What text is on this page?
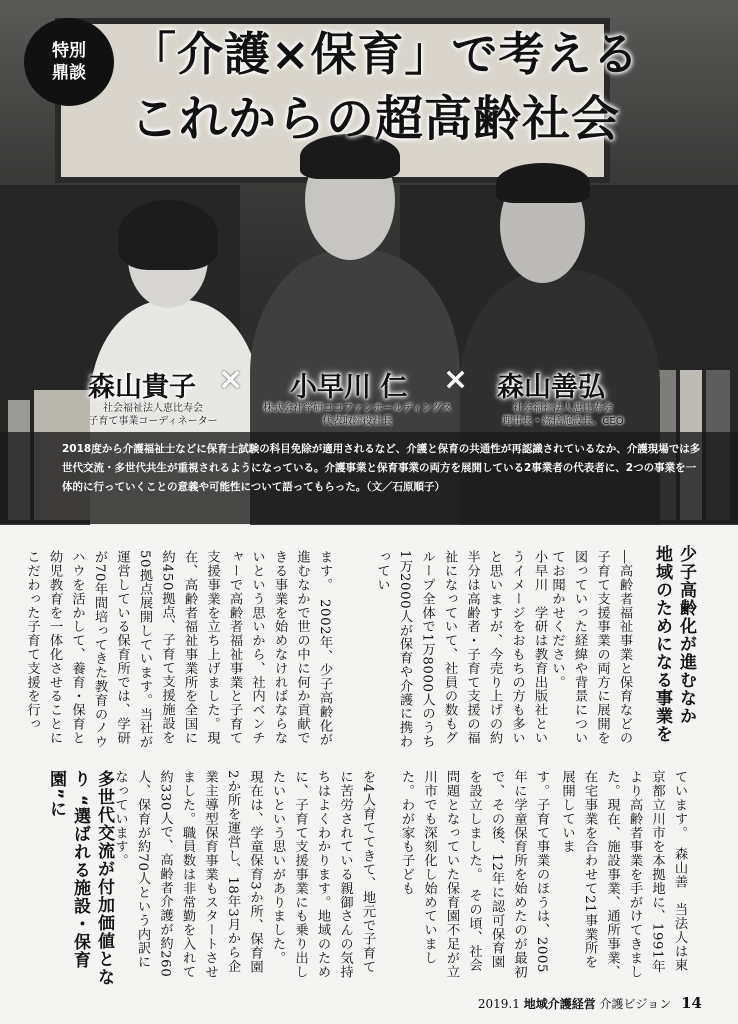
特別
鼎談 「介護×保育」で考える
これからの超高齢社会
森山貴子 × 小早川 仁 × 森山善弘
社会福祉法人恵比寿会
子育て事業コーディネーター
株式会社学研ココファンホールディングス
代表取締役社長
社会福祉法人恵比寿会
理事長・統括施設長、CEO

2018度から介護福祉士などに保育士試験の科目免除が適用されるなど、介護と保育の共通性が再認識されているなか、介護現場では多世代交流・多世代共生が重視されるようになっている。介護事業と保育事業の両方を展開している2事業者の代表者に、2つの事業を一体的に行っていくことの意義や可能性について語ってもらった。（文／石原順子）

少子高齢化が進むなか 地域のためになる事業を
多世代交流が付加価値となり “選ばれる施設・保育園”に

―高齢者福祉事業と保育などの子育て支援事業の両方に展開を図っていった経緯や背景についてお聞かせください。

小早川　学研は教育出版社というイメージをおもちの方も多いと思いますが、今売り上げの約半分は高齢者・子育て支援の福祉になっていて、社員の数もグループ全体で1万8000人のうち1万2000人が保育や介護に携わってい

ます。　2002年、少子高齢化が進むなかで世の中に何か貢献できる事業を始めなければならないという思いから、社内ベンチャーで高齢者福祉事業と子育て支援事業を立ち上げました。現在、高齢者福祉事業所を全国に約450拠点、子育て支援施設を50拠点展開しています。当社が運営している保育所では、学研が70年間培ってきた教育のノウハウを活かして、養育・保育と幼児教育を一体化させることにこだわった子育て支援を行っ

ています。　森山善　当法人は東京都立川市を本拠地に、1991年より高齢者事業を手がけてきました。現在、施設事業、通所事業、在宅事業を合わせて21事業所を展開していま

す。子育て事業のほうは、2005年に学童保育所を始めたのが最初で、その後、12年に認可保育園を設立しました。　その頃、社会問題となっていた保育園不足が立川市でも深刻化し始めていました。わが家も子ども

を4人育ててきて、地元で子育てに苦労されている親御さんの気持ちはよくわかります。地域のために、子育て支援事業にも乗り出したいという思いがありました。　現在は、学童保育3か所、保育園2か所を運営し、18年3月から企業主導型保育事業もスタートさせました。職員数は非常勤を入れて約330人で、高齢者介護が約260人、保育が約70人という内訳になっています。

2019.1 地域介護経営 介護ビジョン 14
